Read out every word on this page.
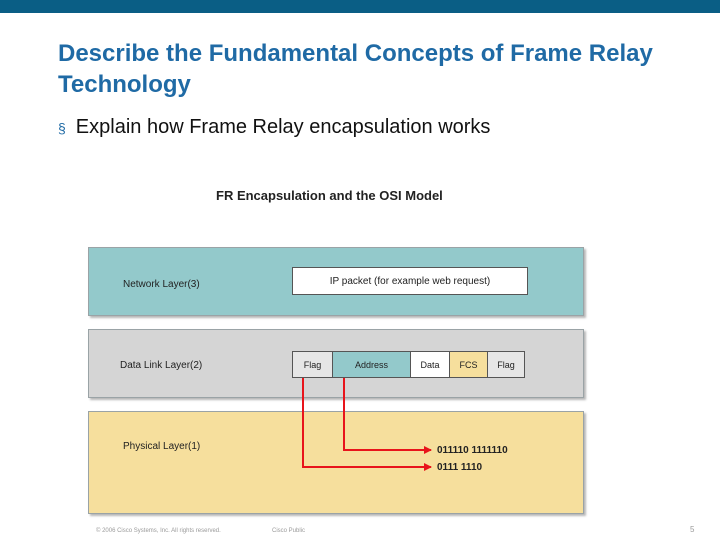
Describe the Fundamental Concepts of Frame Relay Technology
§ Explain how Frame Relay encapsulation works
FR Encapsulation and the OSI Model
Network Layer(3)
Data Link Layer(2)
Physical Layer(1)
IP packet (for example web request)
Flag	Address	Data	FCS	Flag
011110 1111110
0111 1110
© 2006 Cisco Systems, Inc. All rights reserved.	Cisco Public	5
